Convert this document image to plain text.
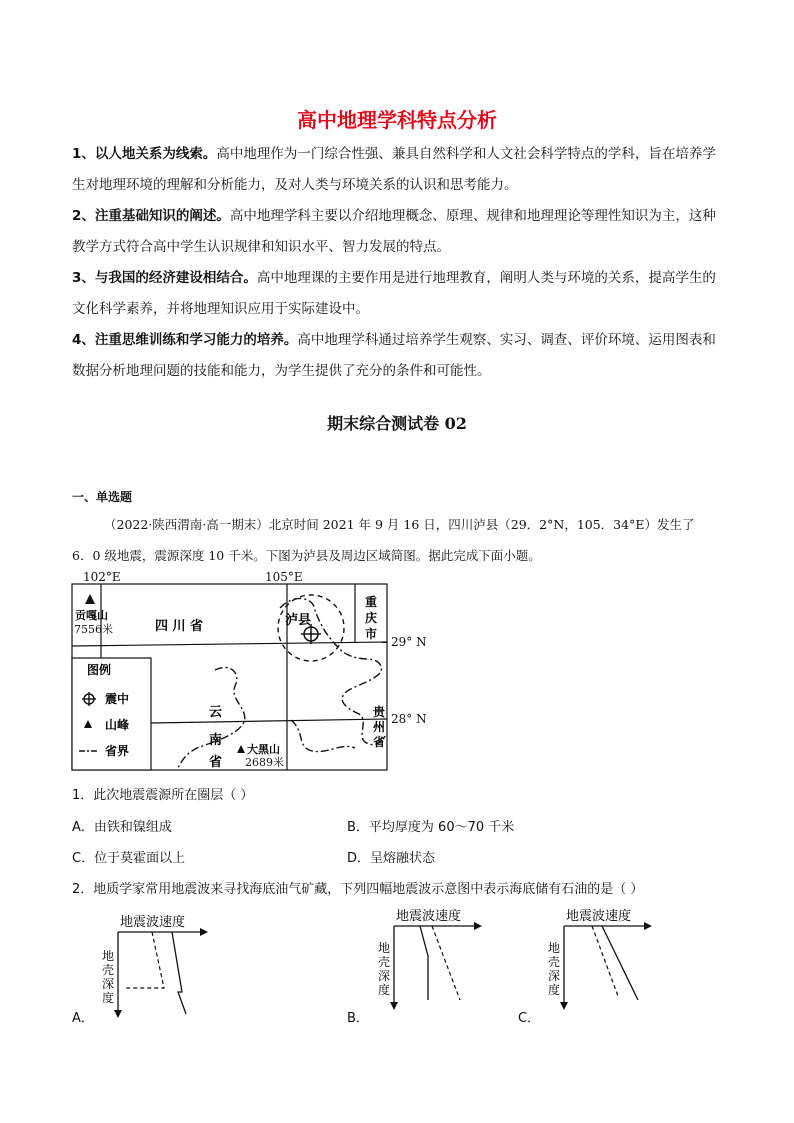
高中地理学科特点分析

1、以人地关系为线索。高中地理作为一门综合性强、兼具自然科学和人文社会科学特点的学科，旨在培养学生对地理环境的理解和分析能力，及对人类与环境关系的认识和思考能力。

2、注重基础知识的阐述。高中地理学科主要以介绍地理概念、原理、规律和地理理论等理性知识为主，这种教学方式符合高中学生认识规律和知识水平、智力发展的特点。

3、与我国的经济建设相结合。高中地理课的主要作用是进行地理教育，阐明人类与环境的关系，提高学生的文化科学素养，并将地理知识应用于实际建设中。

4、注重思维训练和学习能力的培养。高中地理学科通过培养学生观察、实习、调查、评价环境、运用图表和数据分析地理问题的技能和能力，为学生提供了充分的条件和可能性。

期末综合测试卷 02
一、单选题
（2022·陕西渭南·高一期末）北京时间 2021 年 9 月 16 日，四川泸县（29．2°N，105．34°E）发生了
6．0 级地震，震源深度 10 千米。下图为泸县及周边区域简图。据此完成下面小题。
102°E	105°E
29° N
28° N
重
庆
市
贡嘎山
7556米	四 川 省	泸县
图例
震中
山峰
省界
云
南
省
贵
州
省
大黑山
2689米
1．此次地震震源所在圈层（ ）
A．由铁和镍组成	B．平均厚度为 60～70 千米
C．位于莫霍面以上	D．呈熔融状态
2．地质学家常用地震波来寻找海底油气矿藏，下列四幅地震波示意图中表示海底储有石油的是（ ）
地震波速度
地
壳
深
度
A．
地震波速度
地
壳
深
度
B．
地震波速度
地
壳
深
度
C．
